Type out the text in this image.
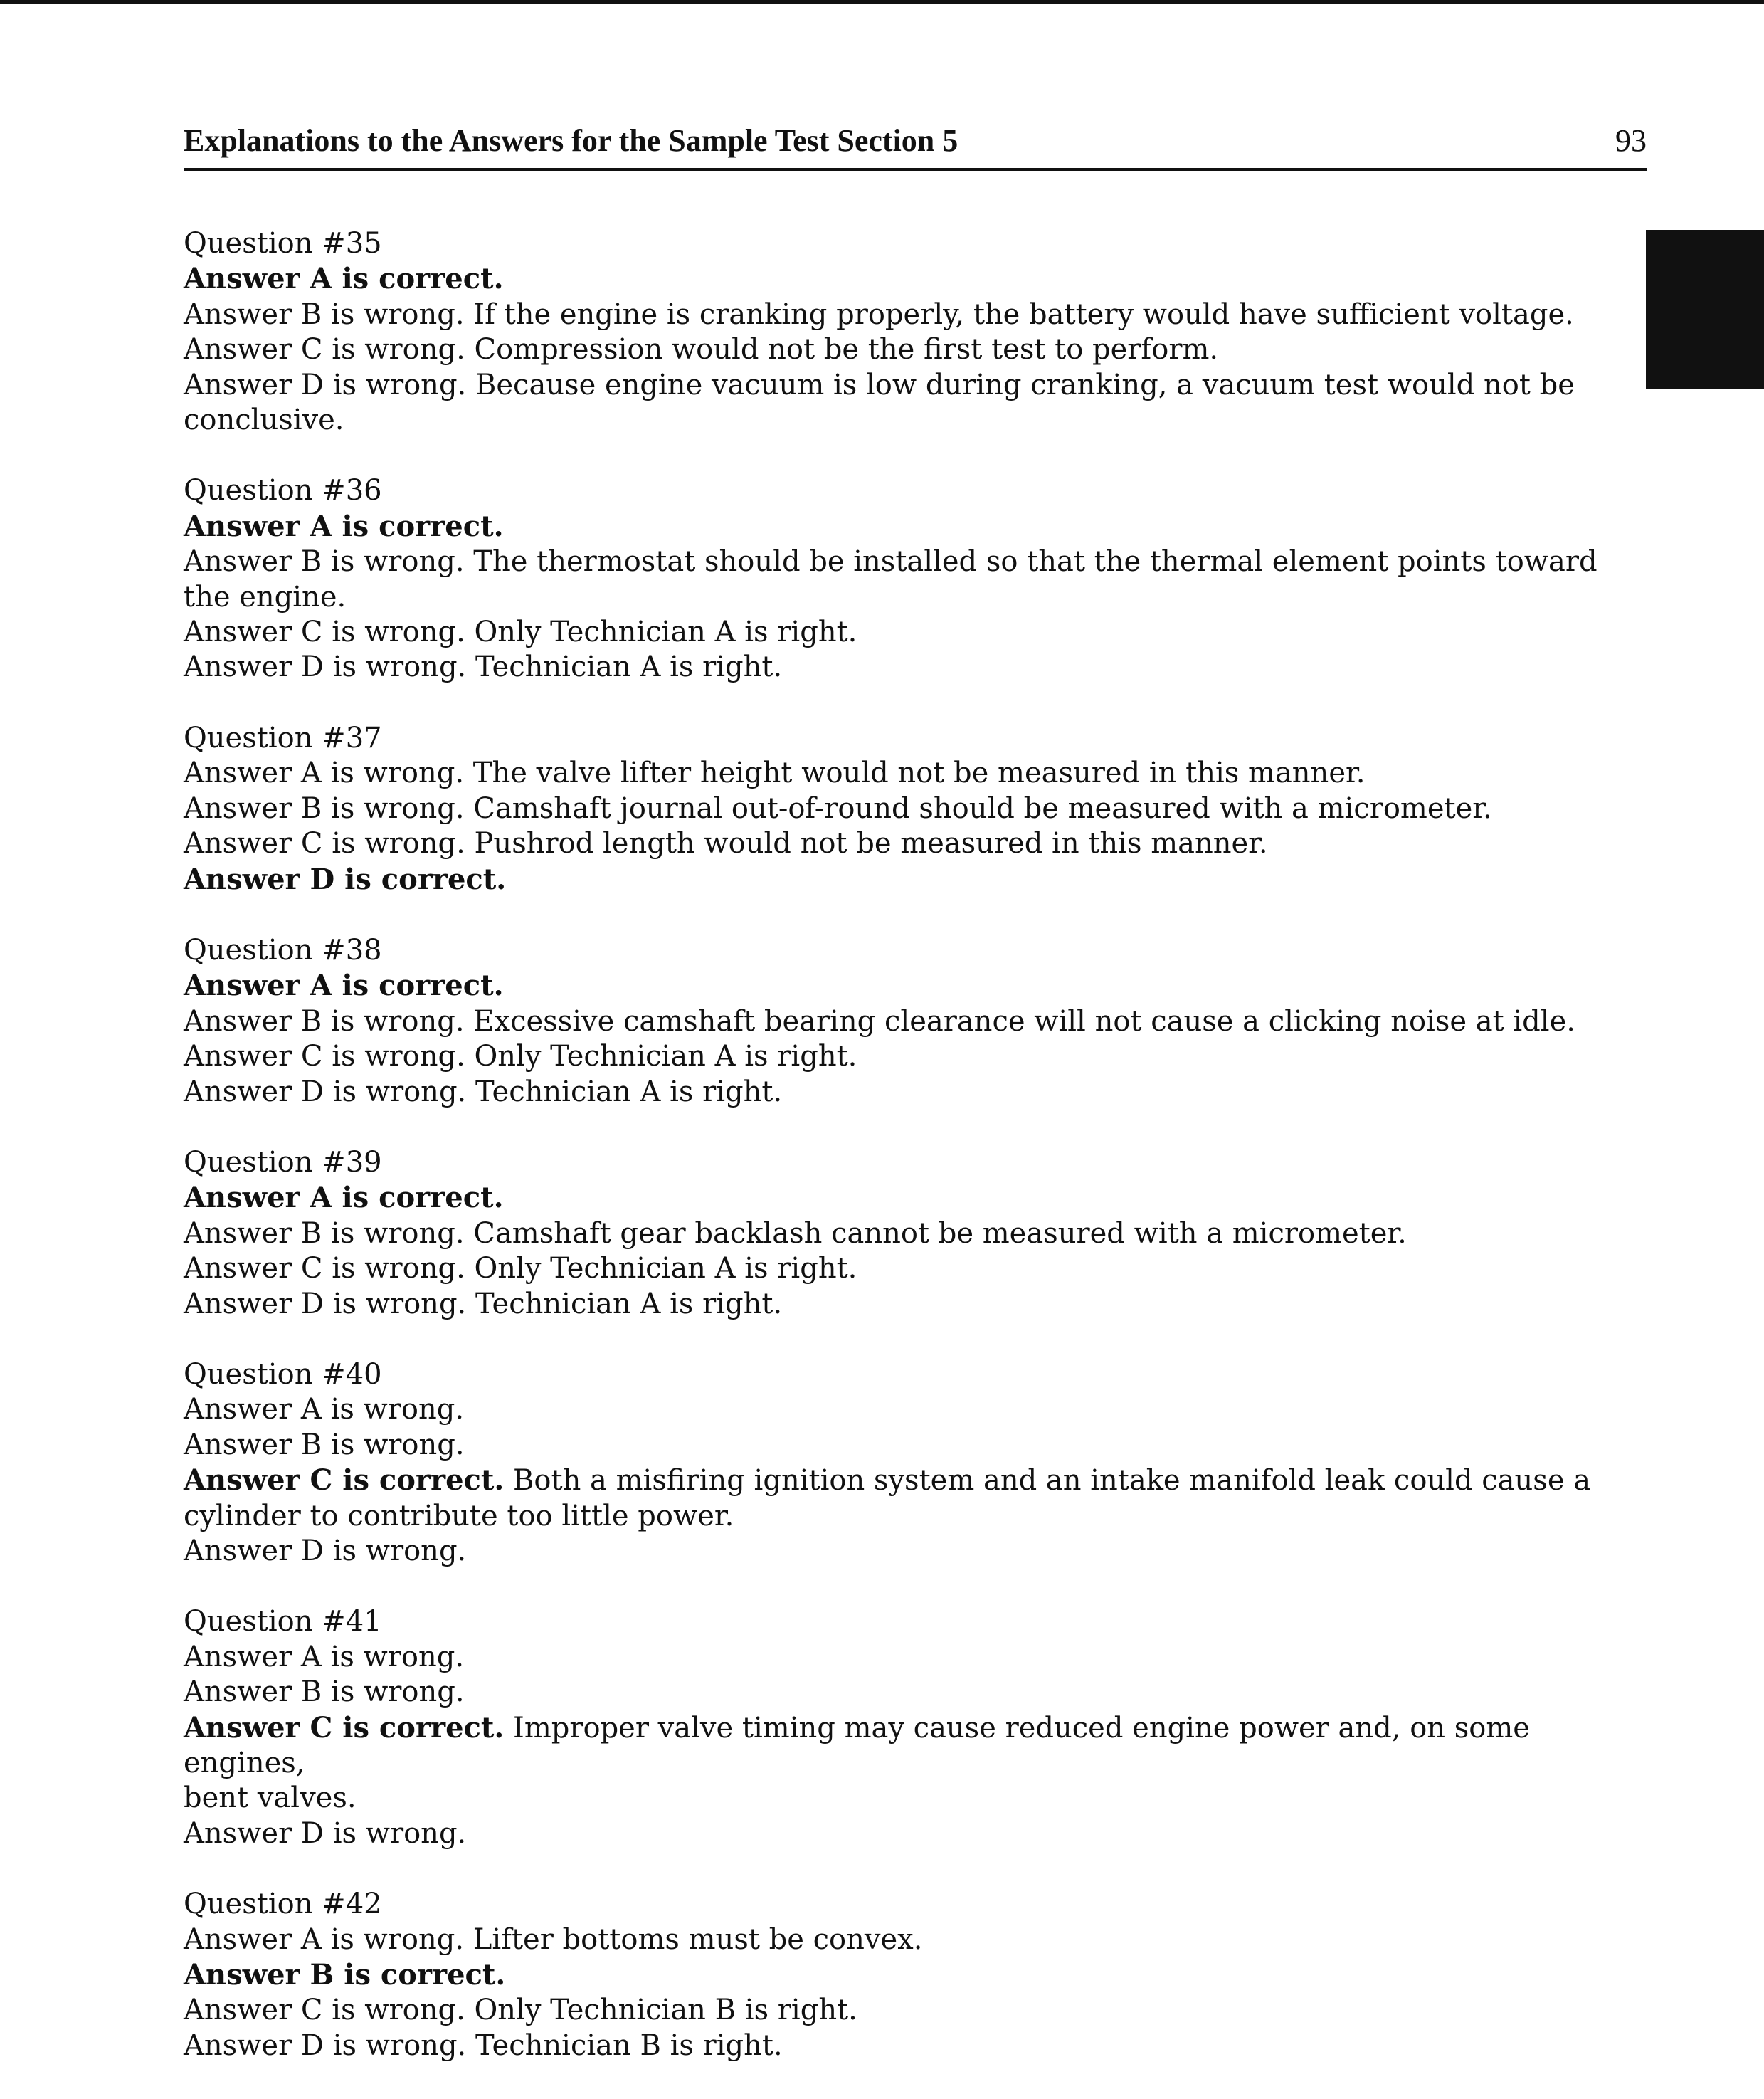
Explanations to the Answers for the Sample Test Section 5	93
Question #35
Answer A is correct.
Answer B is wrong. If the engine is cranking properly, the battery would have sufficient voltage.
Answer C is wrong. Compression would not be the first test to perform.
Answer D is wrong. Because engine vacuum is low during cranking, a vacuum test would not be
conclusive.
Question #36
Answer A is correct.
Answer B is wrong. The thermostat should be installed so that the thermal element points toward
the engine.
Answer C is wrong. Only Technician A is right.
Answer D is wrong. Technician A is right.
Question #37
Answer A is wrong. The valve lifter height would not be measured in this manner.
Answer B is wrong. Camshaft journal out-of-round should be measured with a micrometer.
Answer C is wrong. Pushrod length would not be measured in this manner.
Answer D is correct.
Question #38
Answer A is correct.
Answer B is wrong. Excessive camshaft bearing clearance will not cause a clicking noise at idle.
Answer C is wrong. Only Technician A is right.
Answer D is wrong. Technician A is right.
Question #39
Answer A is correct.
Answer B is wrong. Camshaft gear backlash cannot be measured with a micrometer.
Answer C is wrong. Only Technician A is right.
Answer D is wrong. Technician A is right.
Question #40
Answer A is wrong.
Answer B is wrong.
Answer C is correct. Both a misfiring ignition system and an intake manifold leak could cause a
cylinder to contribute too little power.
Answer D is wrong.
Question #41
Answer A is wrong.
Answer B is wrong.
Answer C is correct. Improper valve timing may cause reduced engine power and, on some engines,
bent valves.
Answer D is wrong.
Question #42
Answer A is wrong. Lifter bottoms must be convex.
Answer B is correct.
Answer C is wrong. Only Technician B is right.
Answer D is wrong. Technician B is right.
